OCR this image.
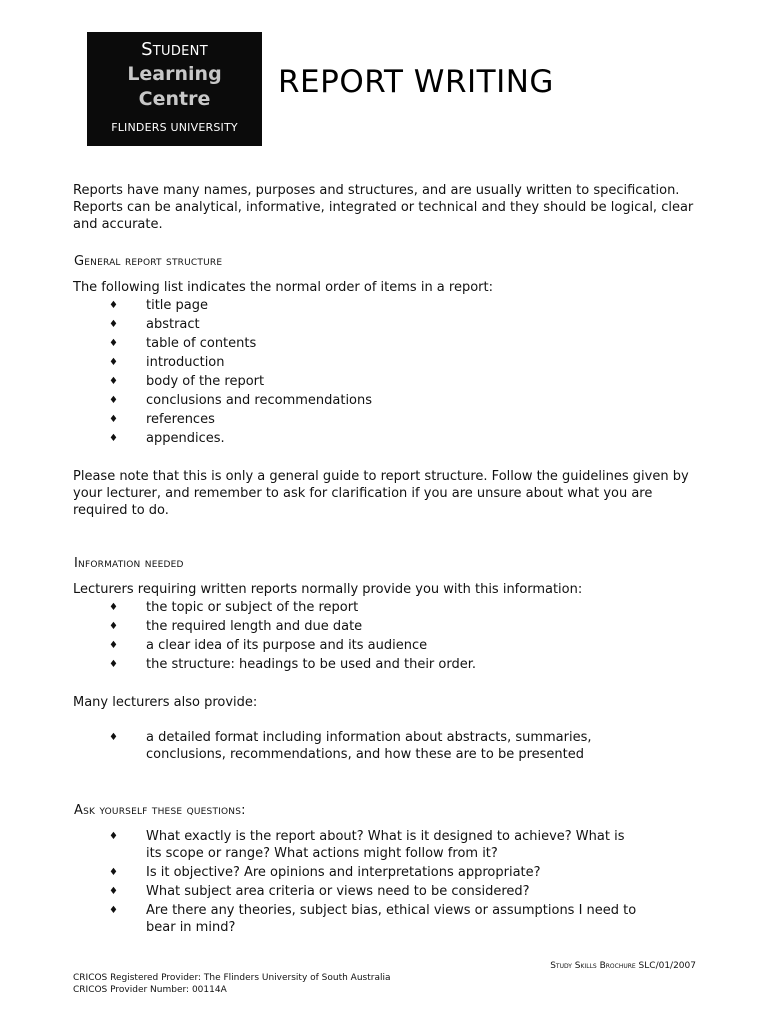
Student
Learning
Centre
FLINDERS UNIVERSITY
REPORT WRITING
Reports have many names, purposes and structures, and are usually written to specification. Reports can be analytical, informative, integrated or technical and they should be logical, clear and accurate.
General report structure
The following list indicates the normal order of items in a report:
♦ title page
♦ abstract
♦ table of contents
♦ introduction
♦ body of the report
♦ conclusions and recommendations
♦ references
♦ appendices.
Please note that this is only a general guide to report structure. Follow the guidelines given by your lecturer, and remember to ask for clarification if you are unsure about what you are required to do.
Information needed
Lecturers requiring written reports normally provide you with this information:
♦ the topic or subject of the report
♦ the required length and due date
♦ a clear idea of its purpose and its audience
♦ the structure: headings to be used and their order.
Many lecturers also provide:
♦ a detailed format including information about abstracts, summaries, conclusions, recommendations, and how these are to be presented
Ask yourself these questions:
♦ What exactly is the report about? What is it designed to achieve? What is its scope or range? What actions might follow from it?
♦ Is it objective? Are opinions and interpretations appropriate?
♦ What subject area criteria or views need to be considered?
♦ Are there any theories, subject bias, ethical views or assumptions I need to bear in mind?
Study Skills Brochure SLC/01/2007
CRICOS Registered Provider: The Flinders University of South Australia
CRICOS Provider Number: 00114A
